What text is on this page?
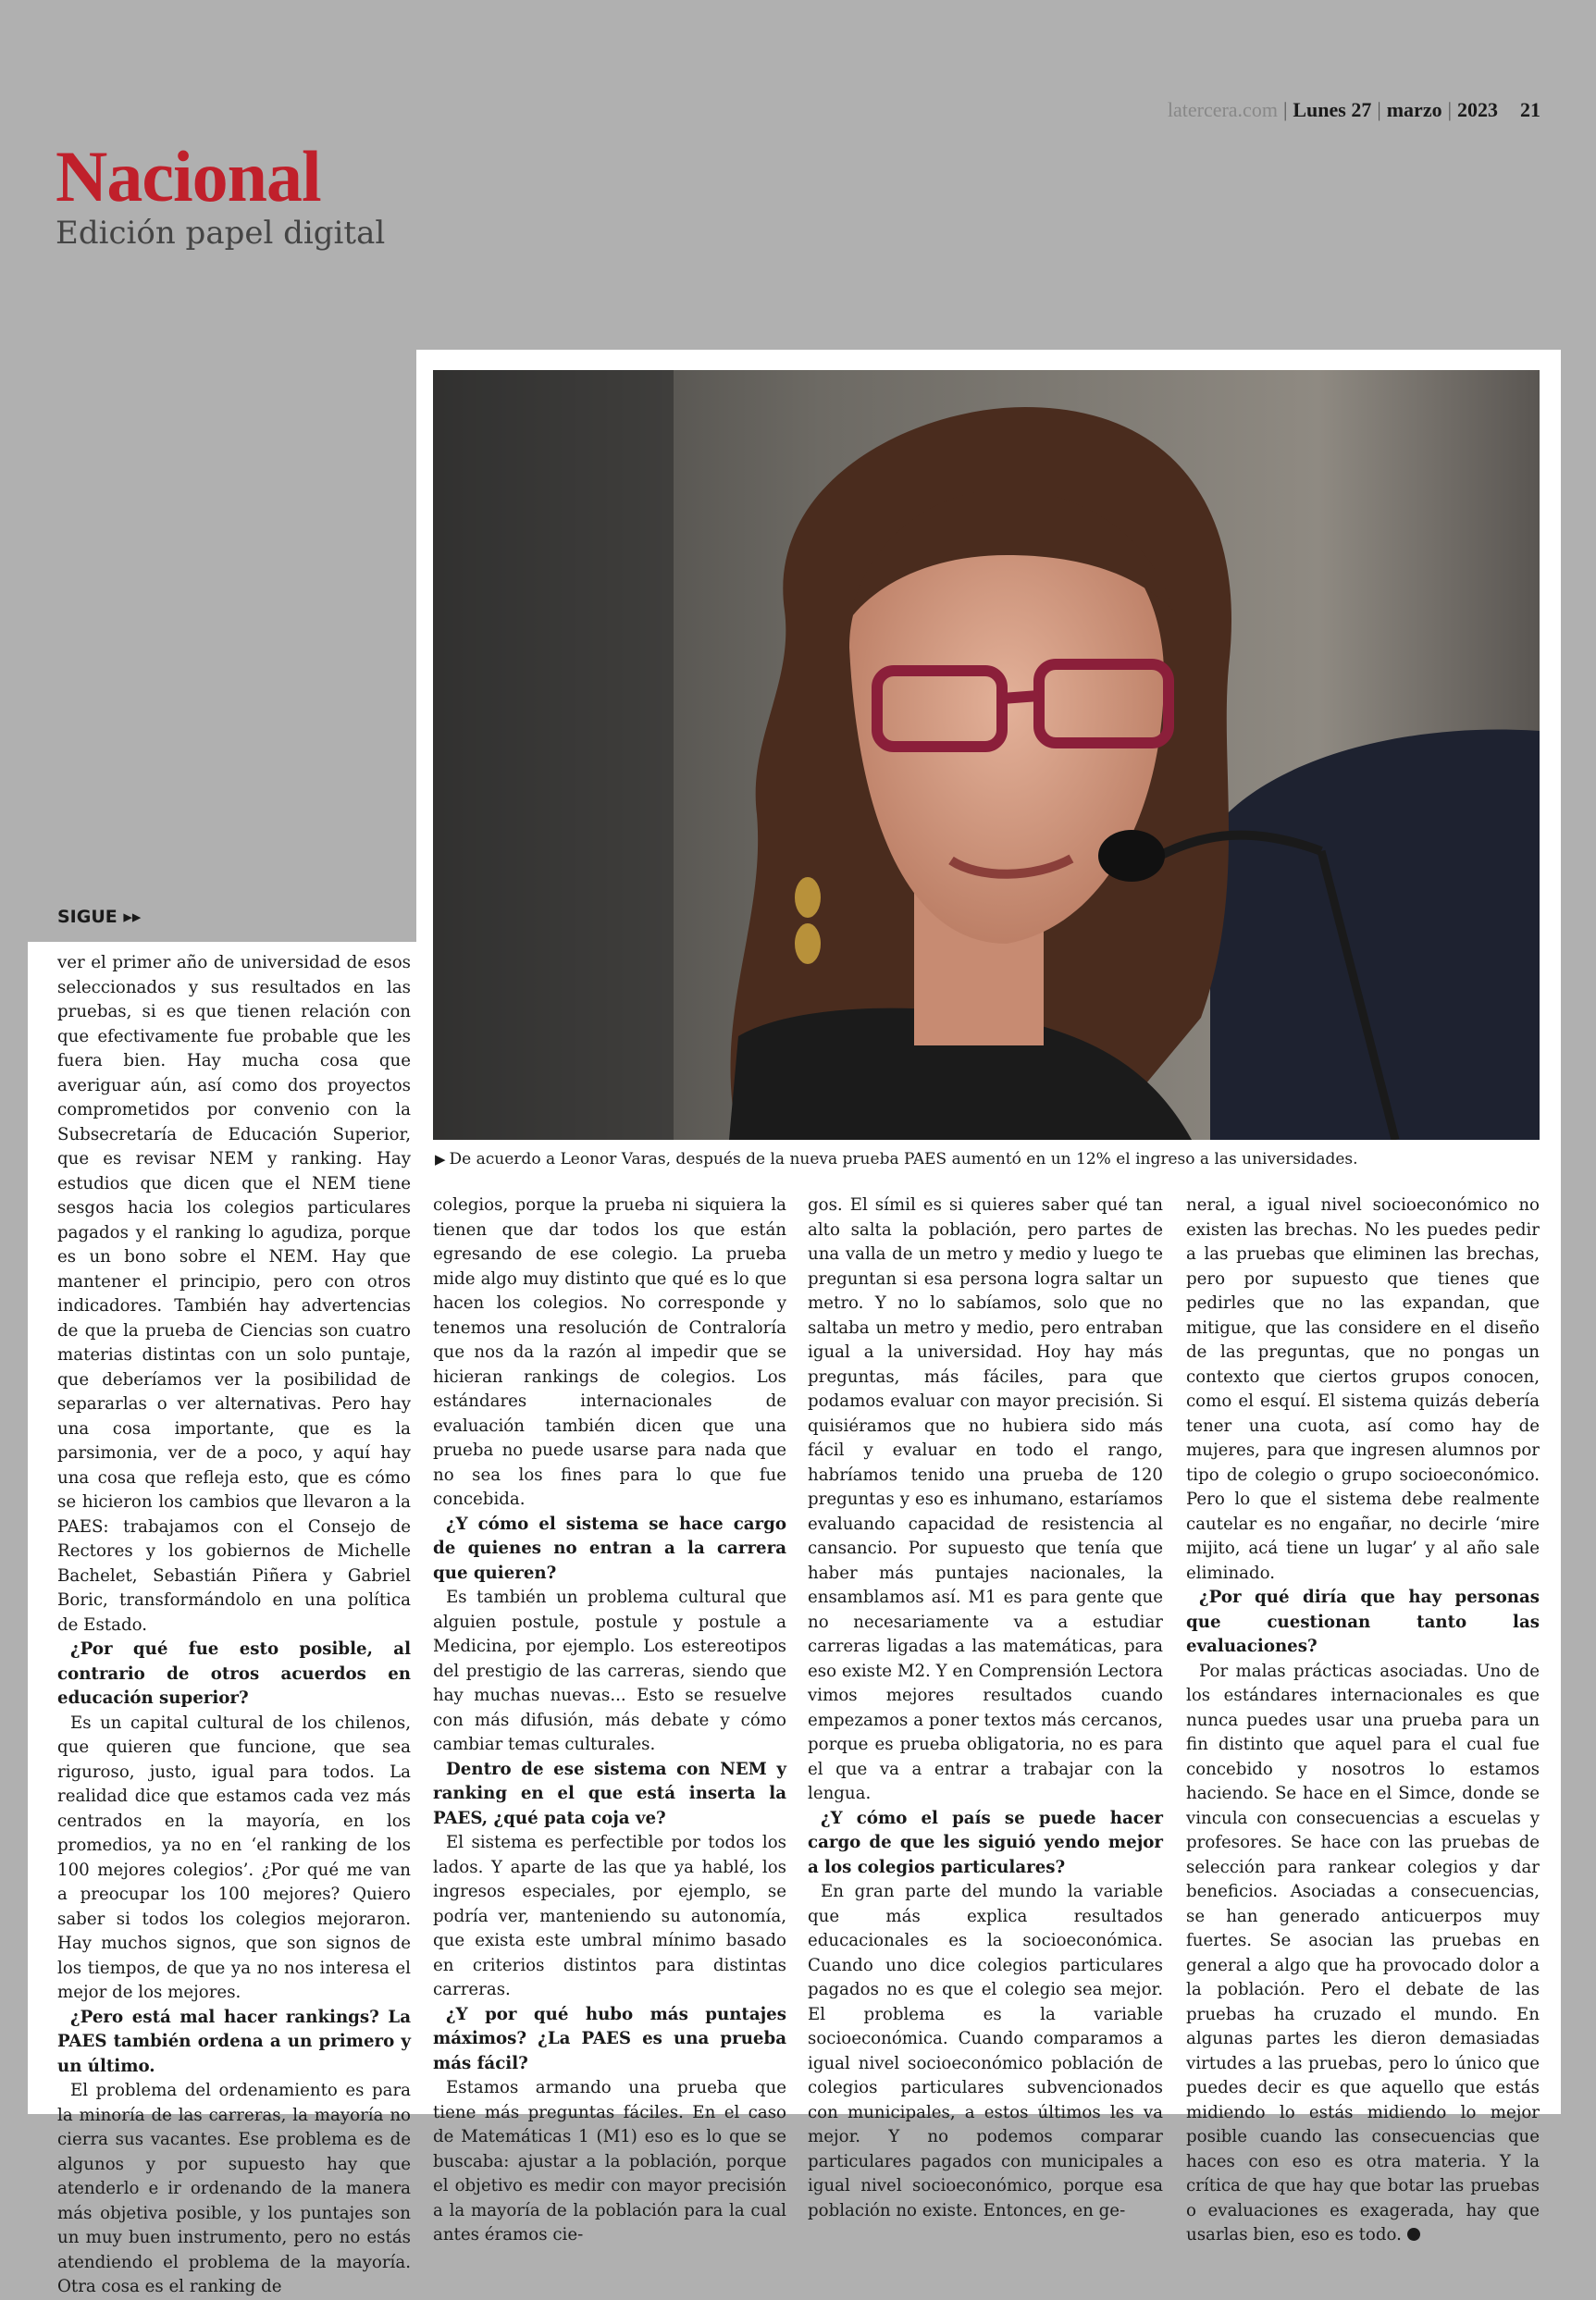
latercera.com | Lunes 27 | marzo | 2023 21
Nacional
Edición papel digital
SIGUE ▸▸
▶ De acuerdo a Leonor Varas, después de la nueva prueba PAES aumentó en un 12% el ingreso a las universidades.

ver el primer año de universidad de esos seleccionados y sus resultados en las pruebas, si es que tienen relación con que efectivamente fue probable que les fuera bien. Hay mucha cosa que averiguar aún, así como dos proyectos comprometidos por convenio con la Subsecretaría de Educación Superior, que es revisar NEM y ranking. Hay estudios que dicen que el NEM tiene sesgos hacia los colegios particulares pagados y el ranking lo agudiza, porque es un bono sobre el NEM. Hay que mantener el principio, pero con otros indicadores. También hay advertencias de que la prueba de Ciencias son cuatro materias distintas con un solo puntaje, que deberíamos ver la posibilidad de separarlas o ver alternativas. Pero hay una cosa importante, que es la parsimonia, ver de a poco, y aquí hay una cosa que refleja esto, que es cómo se hicieron los cambios que llevaron a la PAES: trabajamos con el Consejo de Rectores y los gobiernos de Michelle Bachelet, Sebastián Piñera y Gabriel Boric, transformándolo en una política de Estado.

¿Por qué fue esto posible, al contrario de otros acuerdos en educación superior?

Es un capital cultural de los chilenos, que quieren que funcione, que sea riguroso, justo, igual para todos. La realidad dice que estamos cada vez más centrados en la mayoría, en los promedios, ya no en ‘el ranking de los 100 mejores colegios’. ¿Por qué me van a preocupar los 100 mejores? Quiero saber si todos los colegios mejoraron. Hay muchos signos, que son signos de los tiempos, de que ya no nos interesa el mejor de los mejores.

¿Pero está mal hacer rankings? La PAES también ordena a un primero y un último.

El problema del ordenamiento es para la minoría de las carreras, la mayoría no cierra sus vacantes. Ese problema es de algunos y por supuesto hay que atenderlo e ir ordenando de la manera más objetiva posible, y los puntajes son un muy buen instrumento, pero no estás atendiendo el problema de la mayoría. Otra cosa es el ranking de

colegios, porque la prueba ni siquiera la tienen que dar todos los que están egresando de ese colegio. La prueba mide algo muy distinto que qué es lo que hacen los colegios. No corresponde y tenemos una resolución de Contraloría que nos da la razón al impedir que se hicieran rankings de colegios. Los estándares internacionales de evaluación también dicen que una prueba no puede usarse para nada que no sea los fines para lo que fue concebida.

¿Y cómo el sistema se hace cargo de quienes no entran a la carrera que quieren?

Es también un problema cultural que alguien postule, postule y postule a Medicina, por ejemplo. Los estereotipos del prestigio de las carreras, siendo que hay muchas nuevas... Esto se resuelve con más difusión, más debate y cómo cambiar temas culturales.

Dentro de ese sistema con NEM y ranking en el que está inserta la PAES, ¿qué pata coja ve?

El sistema es perfectible por todos los lados. Y aparte de las que ya hablé, los ingresos especiales, por ejemplo, se podría ver, manteniendo su autonomía, que exista este umbral mínimo basado en criterios distintos para distintas carreras.

¿Y por qué hubo más puntajes máximos? ¿La PAES es una prueba más fácil?

Estamos armando una prueba que tiene más preguntas fáciles. En el caso de Matemáticas 1 (M1) eso es lo que se buscaba: ajustar a la población, porque el objetivo es medir con mayor precisión a la mayoría de la población para la cual antes éramos cie-

gos. El símil es si quieres saber qué tan alto salta la población, pero partes de una valla de un metro y medio y luego te preguntan si esa persona logra saltar un metro. Y no lo sabíamos, solo que no saltaba un metro y medio, pero entraban igual a la universidad. Hoy hay más preguntas, más fáciles, para que podamos evaluar con mayor precisión. Si quisiéramos que no hubiera sido más fácil y evaluar en todo el rango, habríamos tenido una prueba de 120 preguntas y eso es inhumano, estaríamos evaluando capacidad de resistencia al cansancio. Por supuesto que tenía que haber más puntajes nacionales, la ensamblamos así. M1 es para gente que no necesariamente va a estudiar carreras ligadas a las matemáticas, para eso existe M2. Y en Comprensión Lectora vimos mejores resultados cuando empezamos a poner textos más cercanos, porque es prueba obligatoria, no es para el que va a entrar a trabajar con la lengua.

¿Y cómo el país se puede hacer cargo de que les siguió yendo mejor a los colegios particulares?

En gran parte del mundo la variable que más explica resultados educacionales es la socioeconómica. Cuando uno dice colegios particulares pagados no es que el colegio sea mejor. El problema es la variable socioeconómica. Cuando comparamos a igual nivel socioeconómico población de colegios particulares subvencionados con municipales, a estos últimos les va mejor. Y no podemos comparar particulares pagados con municipales a igual nivel socioeconómico, porque esa población no existe. Entonces, en ge-

neral, a igual nivel socioeconómico no existen las brechas. No les puedes pedir a las pruebas que eliminen las brechas, pero por supuesto que tienes que pedirles que no las expandan, que mitigue, que las considere en el diseño de las preguntas, que no pongas un contexto que ciertos grupos conocen, como el esquí. El sistema quizás debería tener una cuota, así como hay de mujeres, para que ingresen alumnos por tipo de colegio o grupo socioeconómico. Pero lo que el sistema debe realmente cautelar es no engañar, no decirle ‘mire mijito, acá tiene un lugar’ y al año sale eliminado.

¿Por qué diría que hay personas que cuestionan tanto las evaluaciones?

Por malas prácticas asociadas. Uno de los estándares internacionales es que nunca puedes usar una prueba para un fin distinto que aquel para el cual fue concebido y nosotros lo estamos haciendo. Se hace en el Simce, donde se vincula con consecuencias a escuelas y profesores. Se hace con las pruebas de selección para rankear colegios y dar beneficios. Asociadas a consecuencias, se han generado anticuerpos muy fuertes. Se asocian las pruebas en general a algo que ha provocado dolor a la población. Pero el debate de las pruebas ha cruzado el mundo. En algunas partes les dieron demasiadas virtudes a las pruebas, pero lo único que puedes decir es que aquello que estás midiendo lo estás midiendo lo mejor posible cuando las consecuencias que haces con eso es otra materia. Y la crítica de que hay que botar las pruebas o evaluaciones es exagerada, hay que usarlas bien, eso es todo.
